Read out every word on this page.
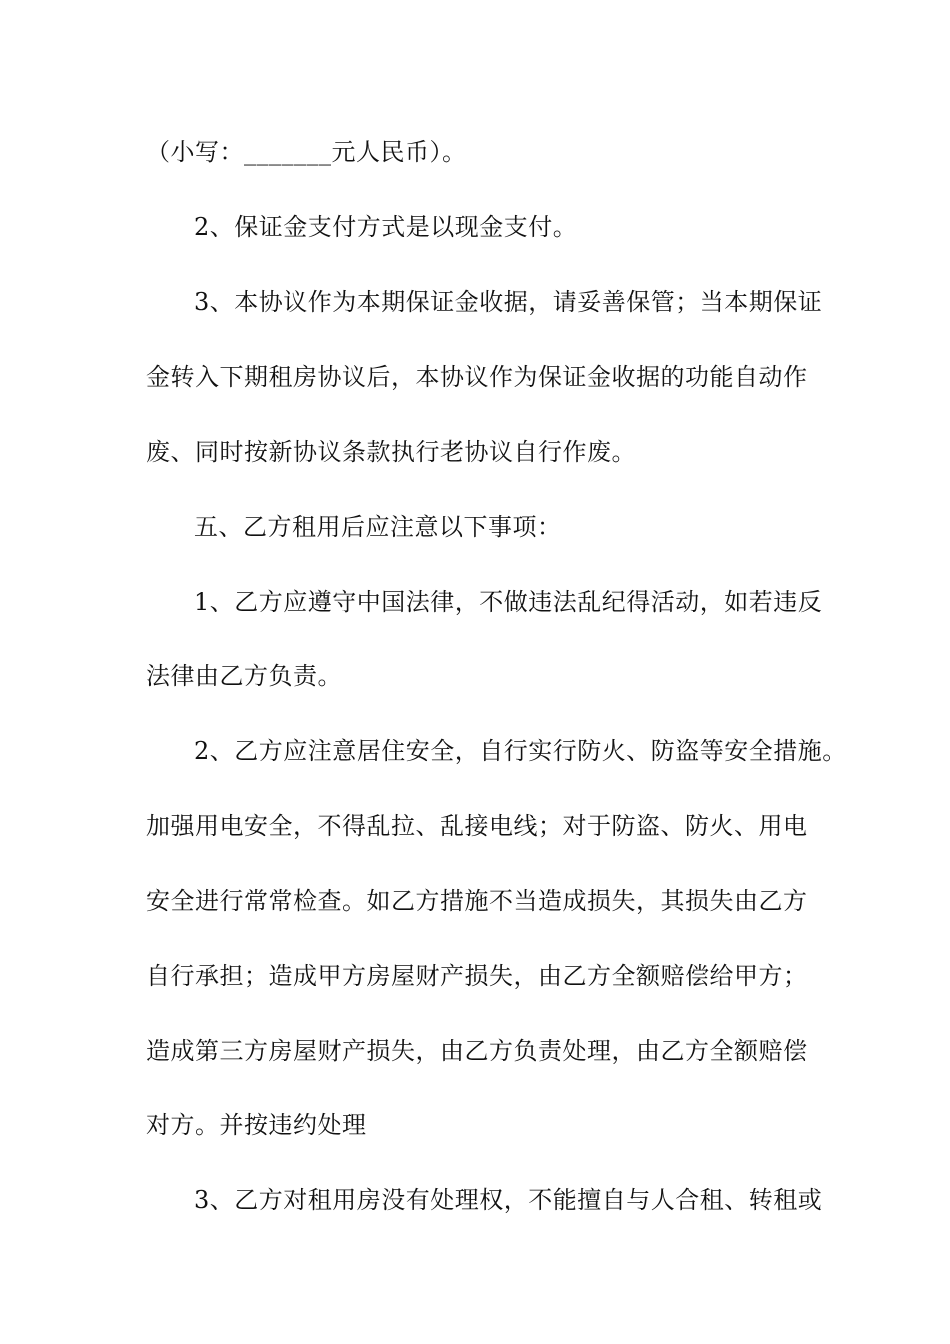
（小写：_______元人民币）。
2、保证金支付方式是以现金支付。
3、本协议作为本期保证金收据，请妥善保管；当本期保证
金转入下期租房协议后，本协议作为保证金收据的功能自动作
废、同时按新协议条款执行老协议自行作废。
五、乙方租用后应注意以下事项：
1、乙方应遵守中国法律，不做违法乱纪得活动，如若违反
法律由乙方负责。
2、乙方应注意居住安全，自行实行防火、防盗等安全措施。
加强用电安全，不得乱拉、乱接电线；对于防盗、防火、用电
安全进行常常检查。如乙方措施不当造成损失，其损失由乙方
自行承担；造成甲方房屋财产损失，由乙方全额赔偿给甲方；
造成第三方房屋财产损失，由乙方负责处理，由乙方全额赔偿
对方。并按违约处理
3、乙方对租用房没有处理权，不能擅自与人合租、转租或
